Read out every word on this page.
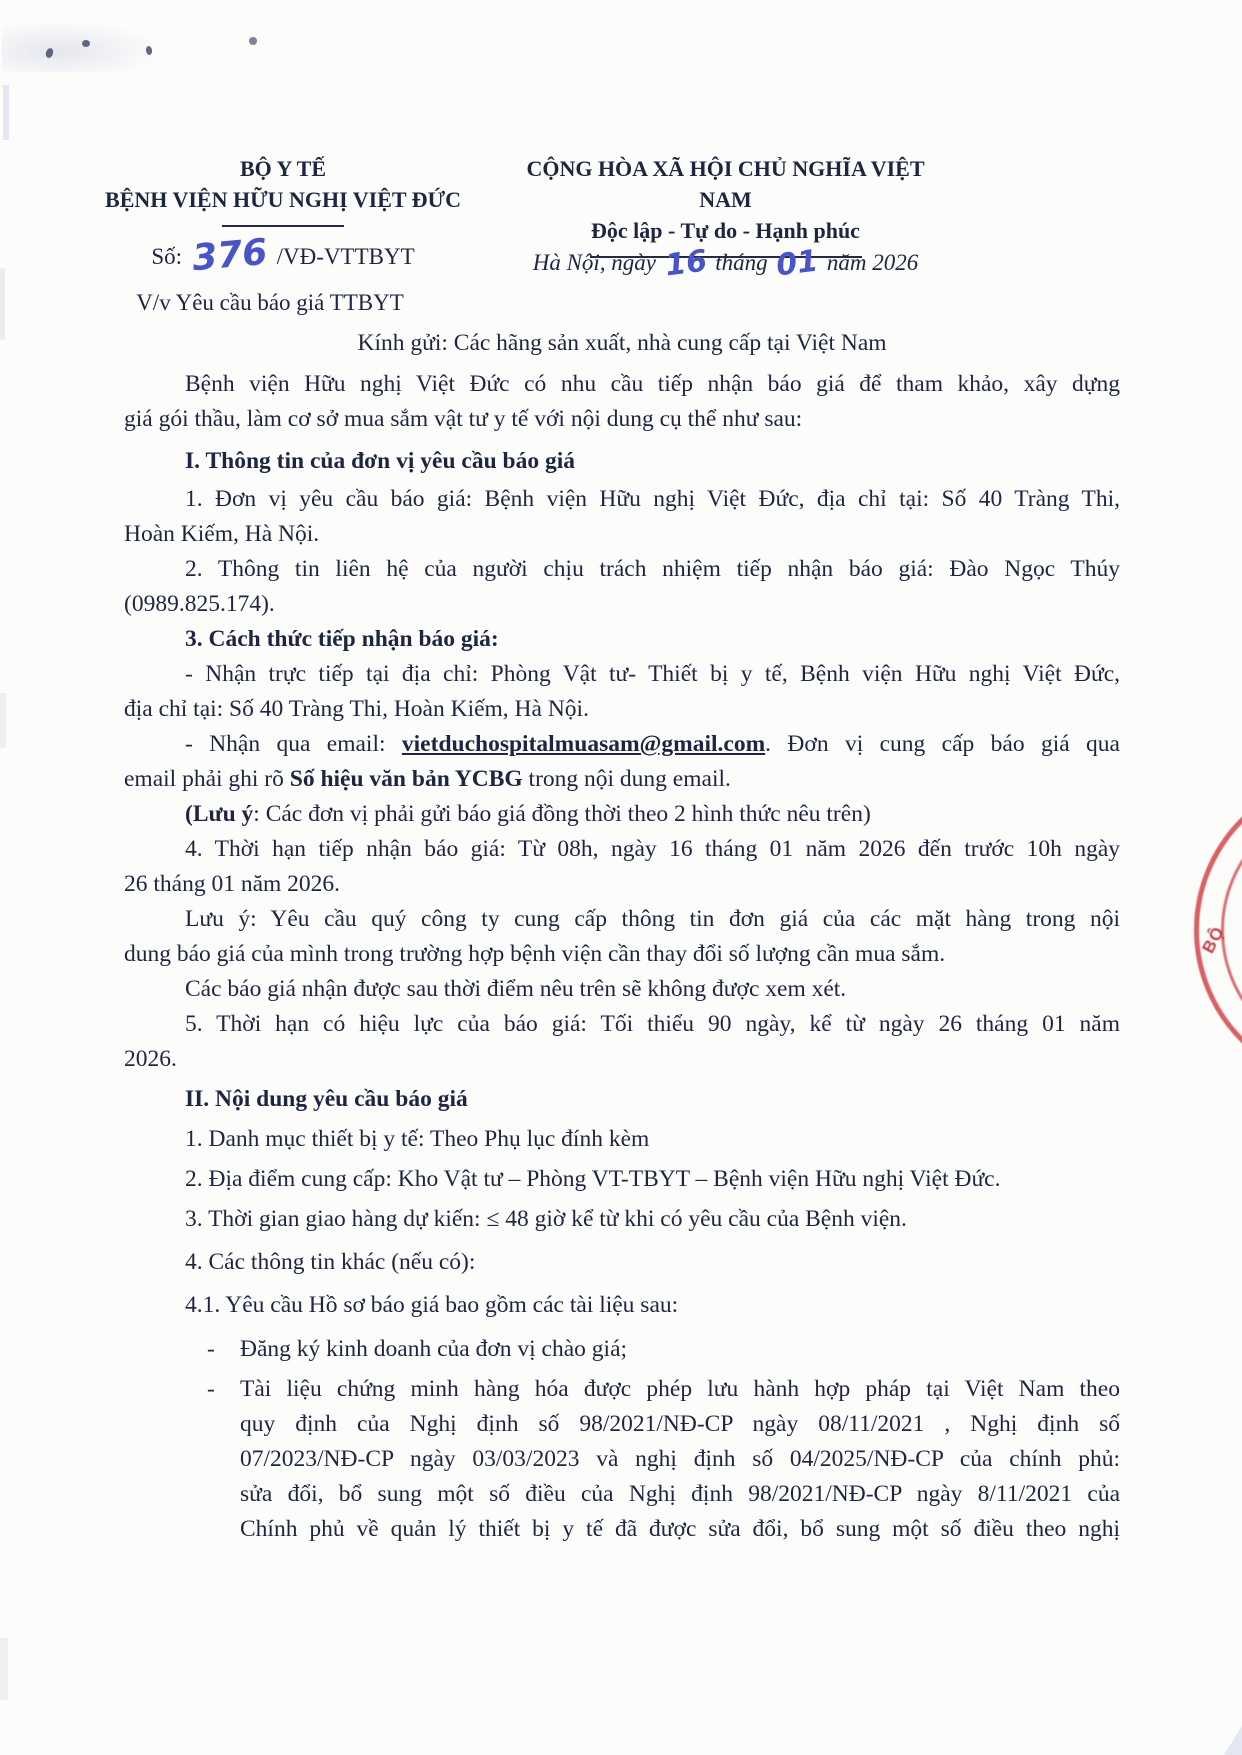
BỘ Y TẾ
BỆNH VIỆN HỮU NGHỊ VIỆT ĐỨC
CỘNG HÒA XÃ HỘI CHỦ NGHĨA VIỆT NAM
Độc lập - Tự do - Hạnh phúc
Số: 376 /VĐ-VTTBYT
V/v Yêu cầu báo giá TTBYT
Hà Nội, ngày 16 tháng 01 năm 2026
Kính gửi: Các hãng sản xuất, nhà cung cấp tại Việt Nam
Bệnh viện Hữu nghị Việt Đức có nhu cầu tiếp nhận báo giá để tham khảo, xây dựng
giá gói thầu, làm cơ sở mua sắm vật tư y tế với nội dung cụ thể như sau:
I. Thông tin của đơn vị yêu cầu báo giá
1. Đơn vị yêu cầu báo giá: Bệnh viện Hữu nghị Việt Đức, địa chỉ tại: Số 40 Tràng Thi,
Hoàn Kiếm, Hà Nội.
2. Thông tin liên hệ của người chịu trách nhiệm tiếp nhận báo giá: Đào Ngọc Thúy
(0989.825.174).
3. Cách thức tiếp nhận báo giá:
- Nhận trực tiếp tại địa chỉ: Phòng Vật tư- Thiết bị y tế, Bệnh viện Hữu nghị Việt Đức,
địa chỉ tại: Số 40 Tràng Thi, Hoàn Kiếm, Hà Nội.
- Nhận qua email: vietduchospitalmuasam@gmail.com. Đơn vị cung cấp báo giá qua
email phải ghi rõ Số hiệu văn bản YCBG trong nội dung email.
(Lưu ý: Các đơn vị phải gửi báo giá đồng thời theo 2 hình thức nêu trên)
4. Thời hạn tiếp nhận báo giá: Từ 08h, ngày 16 tháng 01 năm 2026 đến trước 10h ngày
26 tháng 01 năm 2026.
Lưu ý: Yêu cầu quý công ty cung cấp thông tin đơn giá của các mặt hàng trong nội
dung báo giá của mình trong trường hợp bệnh viện cần thay đổi số lượng cần mua sắm.
Các báo giá nhận được sau thời điểm nêu trên sẽ không được xem xét.
5. Thời hạn có hiệu lực của báo giá: Tối thiểu 90 ngày, kể từ ngày 26 tháng 01 năm
2026.
II. Nội dung yêu cầu báo giá
1. Danh mục thiết bị y tế: Theo Phụ lục đính kèm
2. Địa điểm cung cấp: Kho Vật tư – Phòng VT-TBYT – Bệnh viện Hữu nghị Việt Đức.
3. Thời gian giao hàng dự kiến: ≤ 48 giờ kể từ khi có yêu cầu của Bệnh viện.
4. Các thông tin khác (nếu có):
4.1. Yêu cầu Hồ sơ báo giá bao gồm các tài liệu sau:
- Đăng ký kinh doanh của đơn vị chào giá;
- Tài liệu chứng minh hàng hóa được phép lưu hành hợp pháp tại Việt Nam theo
quy định của Nghị định số 98/2021/NĐ-CP ngày 08/11/2021 , Nghị định số
07/2023/NĐ-CP ngày 03/03/2023 và nghị định số 04/2025/NĐ-CP của chính phủ:
sửa đổi, bổ sung một số điều của Nghị định 98/2021/NĐ-CP ngày 8/11/2021 của
Chính phủ về quản lý thiết bị y tế đã được sửa đổi, bổ sung một số điều theo nghị
BỘ
